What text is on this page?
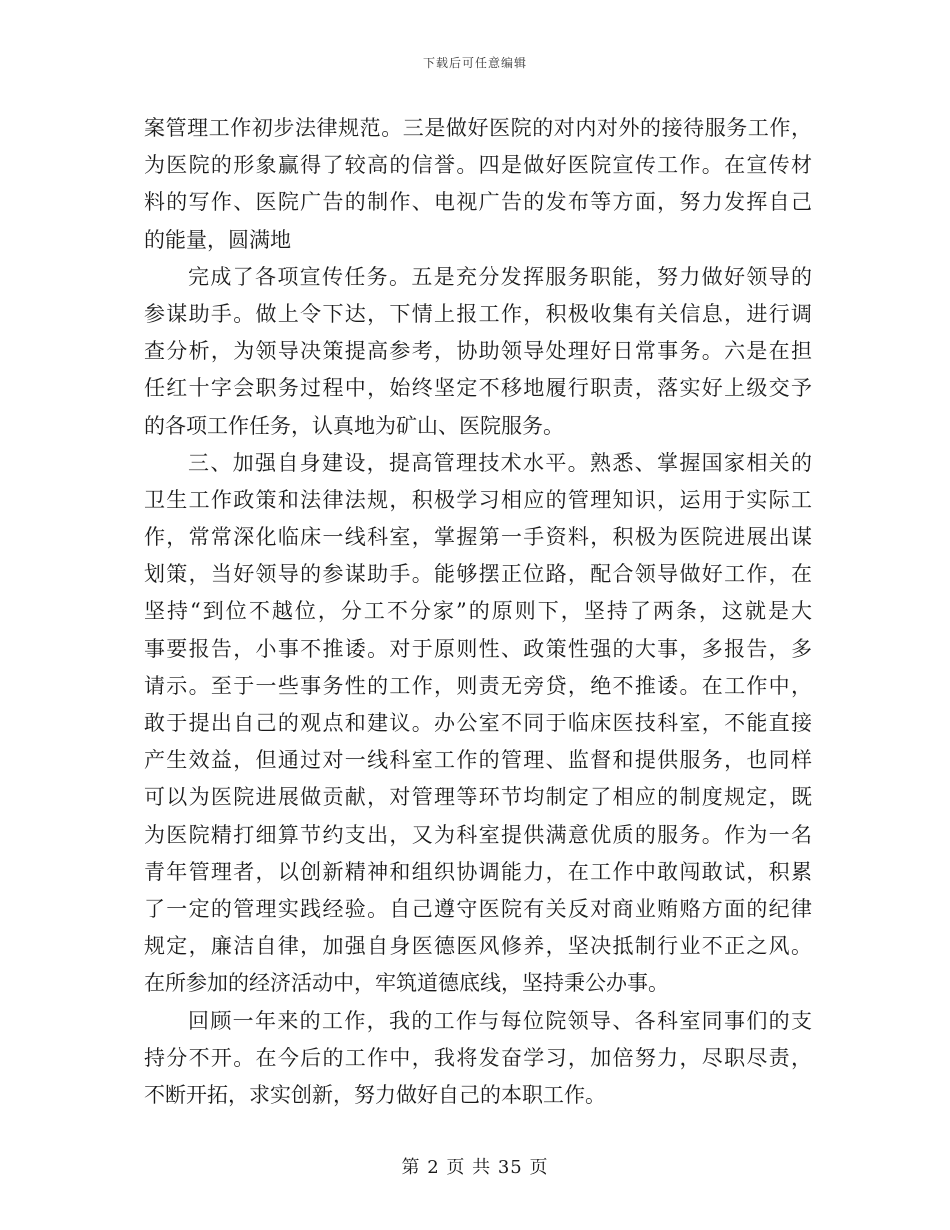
下载后可任意编辑
案管理工作初步法律规范。三是做好医院的对内对外的接待服务工作，
为医院的形象赢得了较高的信誉。四是做好医院宣传工作。在宣传材
料的写作、医院广告的制作、电视广告的发布等方面，努力发挥自己
的能量，圆满地
完成了各项宣传任务。五是充分发挥服务职能，努力做好领导的
参谋助手。做上令下达，下情上报工作，积极收集有关信息，进行调
查分析，为领导决策提高参考，协助领导处理好日常事务。六是在担
任红十字会职务过程中，始终坚定不移地履行职责，落实好上级交予
的各项工作任务，认真地为矿山、医院服务。
三、加强自身建设，提高管理技术水平。熟悉、掌握国家相关的
卫生工作政策和法律法规，积极学习相应的管理知识，运用于实际工
作，常常深化临床一线科室，掌握第一手资料，积极为医院进展出谋
划策，当好领导的参谋助手。能够摆正位路，配合领导做好工作，在
坚持“到位不越位，分工不分家”的原则下，坚持了两条，这就是大
事要报告，小事不推诿。对于原则性、政策性强的大事，多报告，多
请示。至于一些事务性的工作，则责无旁贷，绝不推诿。在工作中，
敢于提出自己的观点和建议。办公室不同于临床医技科室，不能直接
产生效益，但通过对一线科室工作的管理、监督和提供服务，也同样
可以为医院进展做贡献，对管理等环节均制定了相应的制度规定，既
为医院精打细算节约支出，又为科室提供满意优质的服务。作为一名
青年管理者，以创新精神和组织协调能力，在工作中敢闯敢试，积累
了一定的管理实践经验。自己遵守医院有关反对商业贿赂方面的纪律
规定，廉洁自律，加强自身医德医风修养，坚决抵制行业不正之风。
在所参加的经济活动中，牢筑道德底线，坚持秉公办事。
回顾一年来的工作，我的工作与每位院领导、各科室同事们的支
持分不开。在今后的工作中，我将发奋学习，加倍努力，尽职尽责，
不断开拓，求实创新，努力做好自己的本职工作。
第 2 页 共 35 页
